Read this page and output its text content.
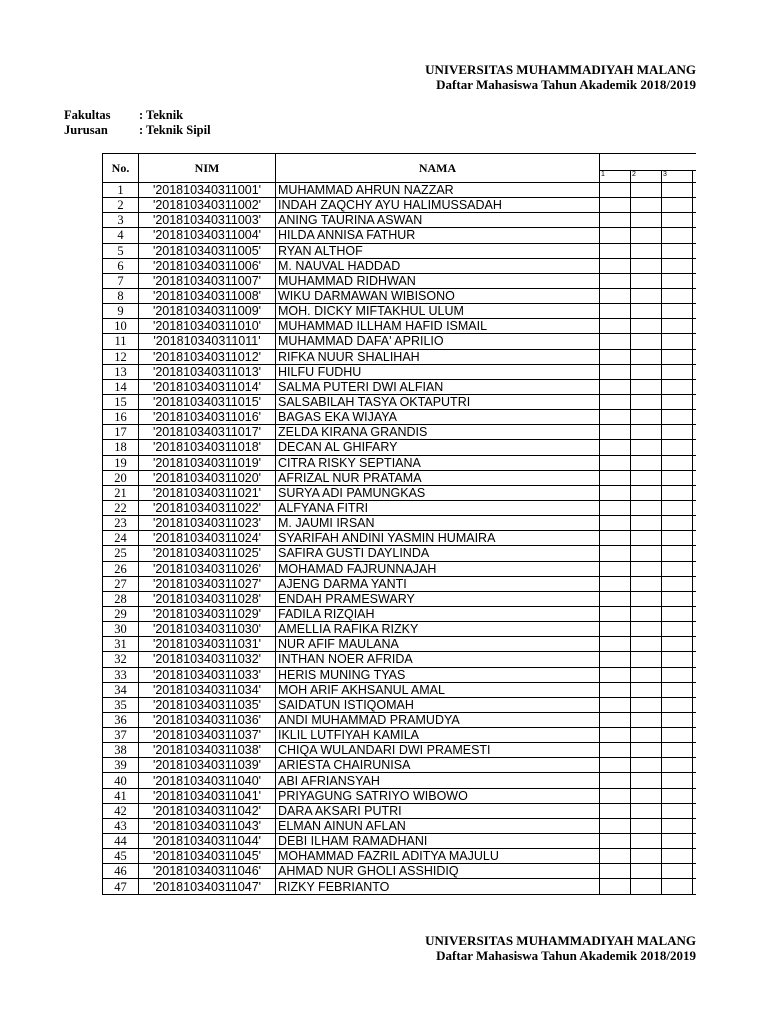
UNIVERSITAS MUHAMMADIYAH MALANG
Daftar Mahasiswa Tahun Akademik 2018/2019
Fakultas	: Teknik
Jurusan	: Teknik Sipil
No.	NIM	NAMA				
			1	2	3	
1	'201810340311001'	MUHAMMAD AHRUN NAZZAR				
2	'201810340311002'	INDAH ZAQCHY AYU HALIMUSSADAH				
3	'201810340311003'	ANING TAURINA ASWAN				
4	'201810340311004'	HILDA ANNISA FATHUR				
5	'201810340311005'	RYAN ALTHOF				
6	'201810340311006'	M. NAUVAL HADDAD				
7	'201810340311007'	MUHAMMAD RIDHWAN				
8	'201810340311008'	WIKU DARMAWAN WIBISONO				
9	'201810340311009'	MOH. DICKY MIFTAKHUL ULUM				
10	'201810340311010'	MUHAMMAD ILLHAM HAFID ISMAIL				
11	'201810340311011'	MUHAMMAD DAFA' APRILIO				
12	'201810340311012'	RIFKA NUUR SHALIHAH				
13	'201810340311013'	HILFU FUDHU				
14	'201810340311014'	SALMA PUTERI DWI ALFIAN				
15	'201810340311015'	SALSABILAH TASYA OKTAPUTRI				
16	'201810340311016'	BAGAS EKA WIJAYA				
17	'201810340311017'	ZELDA KIRANA GRANDIS				
18	'201810340311018'	DECAN AL GHIFARY				
19	'201810340311019'	CITRA RISKY SEPTIANA				
20	'201810340311020'	AFRIZAL NUR PRATAMA				
21	'201810340311021'	SURYA ADI PAMUNGKAS				
22	'201810340311022'	ALFYANA FITRI				
23	'201810340311023'	M. JAUMI IRSAN				
24	'201810340311024'	SYARIFAH ANDINI YASMIN HUMAIRA				
25	'201810340311025'	SAFIRA GUSTI DAYLINDA				
26	'201810340311026'	MOHAMAD FAJRUNNAJAH				
27	'201810340311027'	AJENG DARMA YANTI				
28	'201810340311028'	ENDAH PRAMESWARY				
29	'201810340311029'	FADILA RIZQIAH				
30	'201810340311030'	AMELLIA RAFIKA RIZKY				
31	'201810340311031'	NUR AFIF MAULANA				
32	'201810340311032'	INTHAN NOER AFRIDA				
33	'201810340311033'	HERIS MUNING TYAS				
34	'201810340311034'	MOH ARIF AKHSANUL AMAL				
35	'201810340311035'	SAIDATUN ISTIQOMAH				
36	'201810340311036'	ANDI MUHAMMAD PRAMUDYA				
37	'201810340311037'	IKLIL LUTFIYAH KAMILA				
38	'201810340311038'	CHIQA WULANDARI DWI PRAMESTI				
39	'201810340311039'	ARIESTA CHAIRUNISA				
40	'201810340311040'	ABI AFRIANSYAH				
41	'201810340311041'	PRIYAGUNG SATRIYO WIBOWO				
42	'201810340311042'	DARA AKSARI PUTRI				
43	'201810340311043'	ELMAN AINUN AFLAN				
44	'201810340311044'	DEBI ILHAM RAMADHANI				
45	'201810340311045'	MOHAMMAD FAZRIL ADITYA MAJULU				
46	'201810340311046'	AHMAD NUR GHOLI ASSHIDIQ				
47	'201810340311047'	RIZKY FEBRIANTO				
UNIVERSITAS MUHAMMADIYAH MALANG
Daftar Mahasiswa Tahun Akademik 2018/2019
